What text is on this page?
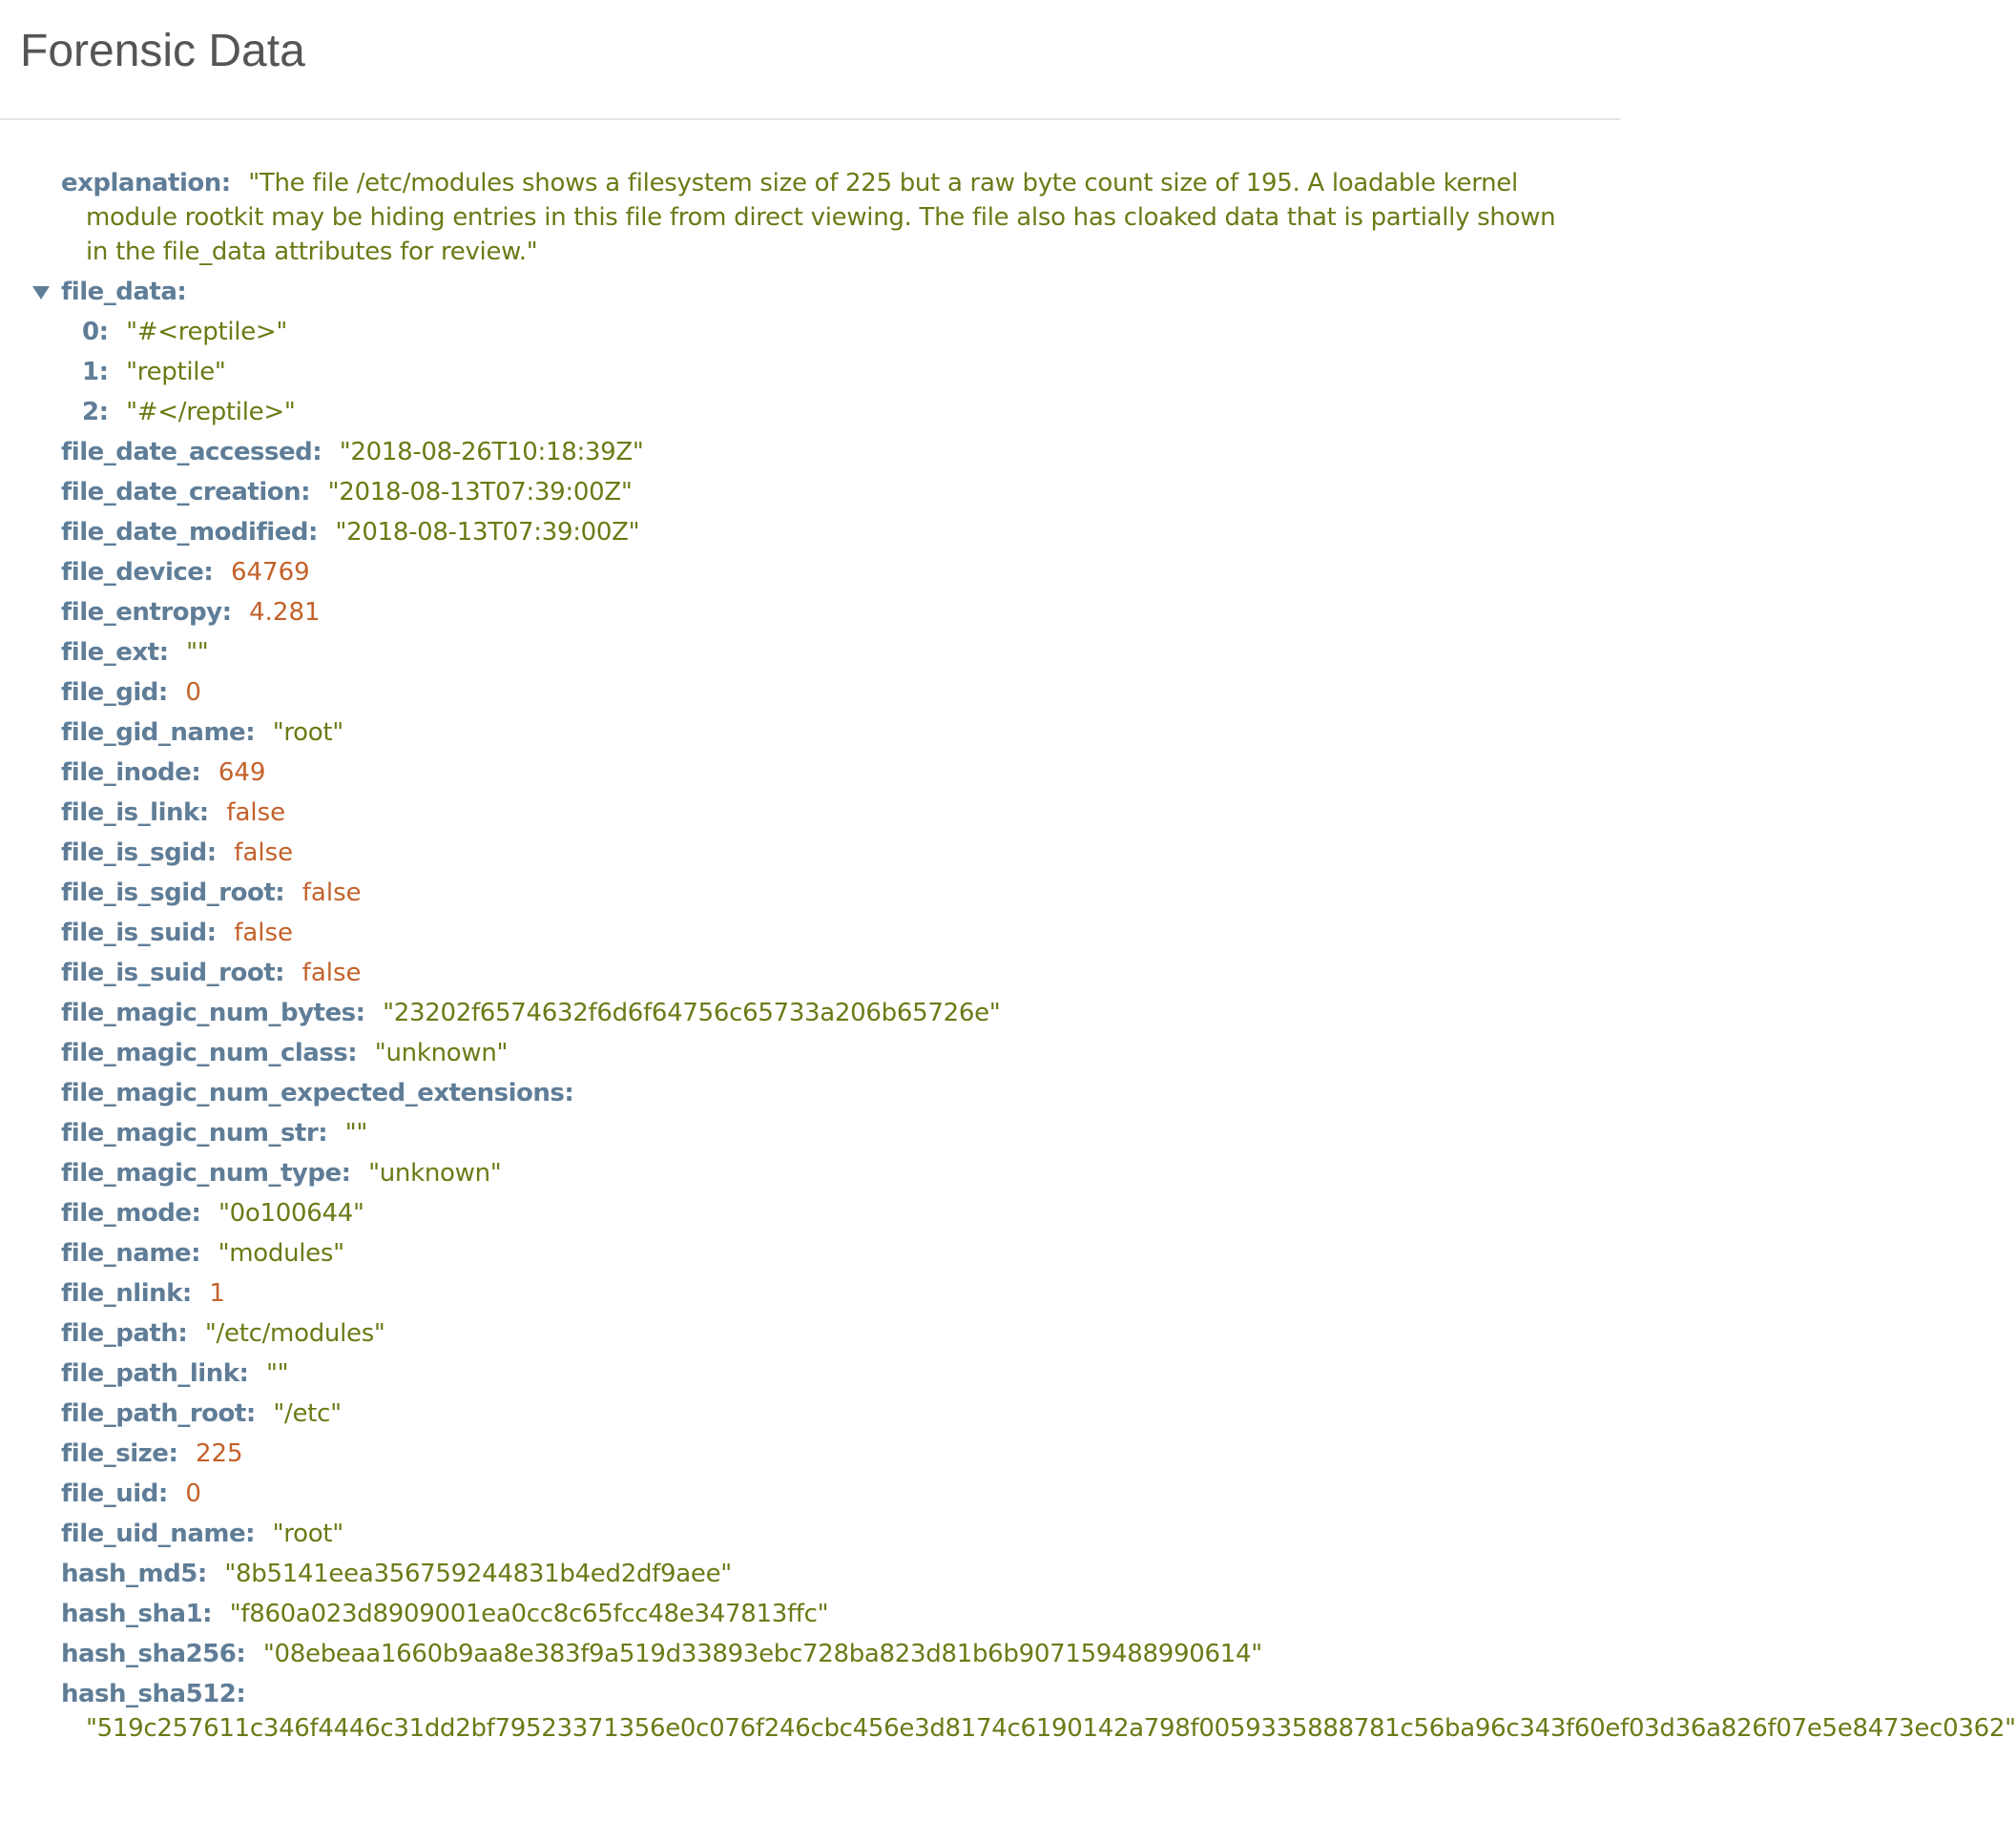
Forensic Data
explanation:  "The file /etc/modules shows a filesystem size of 225 but a raw byte count size of 195. A loadable kernel module rootkit may be hiding entries in this file from direct viewing. The file also has cloaked data that is partially shown in the file_data attributes for review."
file_data:
0:  "#<reptile>"
1:  "reptile"
2:  "#</reptile>"
file_date_accessed:  "2018-08-26T10:18:39Z"
file_date_creation:  "2018-08-13T07:39:00Z"
file_date_modified:  "2018-08-13T07:39:00Z"
file_device:  64769
file_entropy:  4.281
file_ext:  ""
file_gid:  0
file_gid_name:  "root"
file_inode:  649
file_is_link:  false
file_is_sgid:  false
file_is_sgid_root:  false
file_is_suid:  false
file_is_suid_root:  false
file_magic_num_bytes:  "23202f6574632f6d6f64756c65733a206b65726e"
file_magic_num_class:  "unknown"
file_magic_num_expected_extensions:
file_magic_num_str:  ""
file_magic_num_type:  "unknown"
file_mode:  "0o100644"
file_name:  "modules"
file_nlink:  1
file_path:  "/etc/modules"
file_path_link:  ""
file_path_root:  "/etc"
file_size:  225
file_uid:  0
file_uid_name:  "root"
hash_md5:  "8b5141eea356759244831b4ed2df9aee"
hash_sha1:  "f860a023d8909001ea0cc8c65fcc48e347813ffc"
hash_sha256:  "08ebeaa1660b9aa8e383f9a519d33893ebc728ba823d81b6b907159488990614"
hash_sha512:
"519c257611c346f4446c31dd2bf79523371356e0c076f246cbc456e3d8174c6190142a798f0059335888781c56ba96c343f60ef03d36a826f07e5e8473ec0362"
